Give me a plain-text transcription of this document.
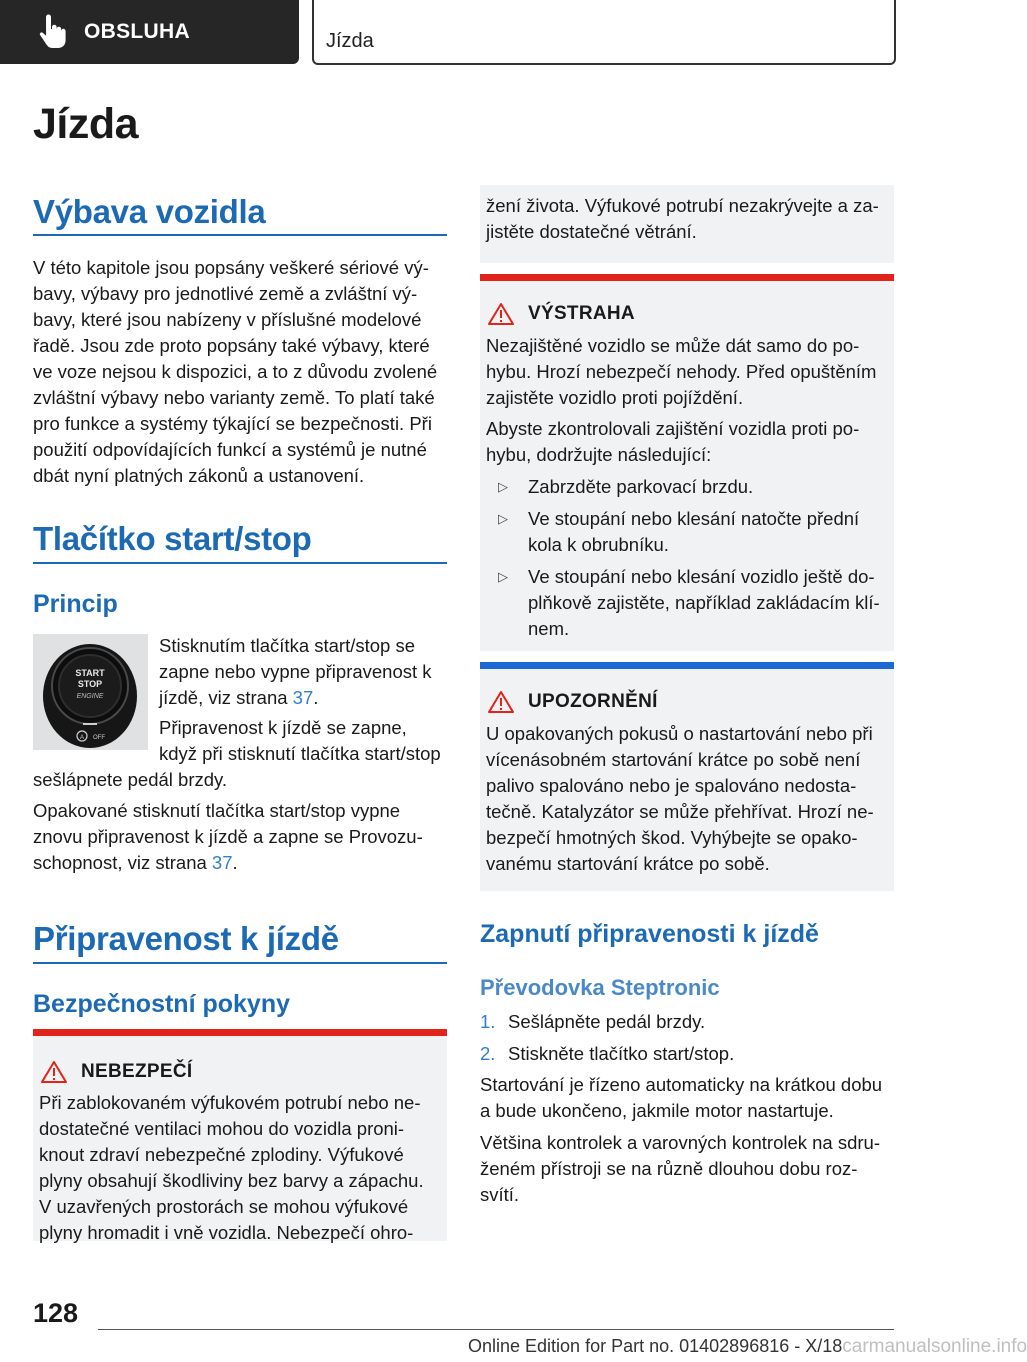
OBSLUHA	Jízda
Jízda
Výbava vozidla
V této kapitole jsou popsány veškeré sériové vý-
bavy, výbavy pro jednotlivé země a zvláštní vý-
bavy, které jsou nabízeny v příslušné modelové
řadě. Jsou zde proto popsány také výbavy, které
ve voze nejsou k dispozici, a to z důvodu zvolené
zvláštní výbavy nebo varianty země. To platí také
pro funkce a systémy týkající se bezpečnosti. Při
použití odpovídajících funkcí a systémů je nutné
dbát nyní platných zákonů a ustanovení.
Tlačítko start/stop
Princip
START
STOP
ENGINE
A OFF
Stisknutím tlačítka start/stop se
zapne nebo vypne připravenost k
jízdě, viz strana 37.
Připravenost k jízdě se zapne,
když při stisknutí tlačítka start/stop
sešlápnete pedál brzdy.
Opakované stisknutí tlačítka start/stop vypne
znovu připravenost k jízdě a zapne se Provozu-
schopnost, viz strana 37.
Připravenost k jízdě
Bezpečnostní pokyny
NEBEZPEČÍ
Při zablokovaném výfukovém potrubí nebo ne-
dostatečné ventilaci mohou do vozidla proni-
knout zdraví nebezpečné zplodiny. Výfukové
plyny obsahují škodliviny bez barvy a zápachu.
V uzavřených prostorách se mohou výfukové
plyny hromadit i vně vozidla. Nebezpečí ohro-
žení života. Výfukové potrubí nezakrývejte a za-
jistěte dostatečné větrání.
VÝSTRAHA
Nezajištěné vozidlo se může dát samo do po-
hybu. Hrozí nebezpečí nehody. Před opuštěním
zajistěte vozidlo proti pojíždění.
Abyste zkontrolovali zajištění vozidla proti po-
hybu, dodržujte následující:
▷ Zabrzděte parkovací brzdu.
▷ Ve stoupání nebo klesání natočte přední
kola k obrubníku.
▷ Ve stoupání nebo klesání vozidlo ještě do-
plňkově zajistěte, například zakládacím klí-
nem.
UPOZORNĚNÍ
U opakovaných pokusů o nastartování nebo při
vícenásobném startování krátce po sobě není
palivo spalováno nebo je spalováno nedosta-
tečně. Katalyzátor se může přehřívat. Hrozí ne-
bezpečí hmotných škod. Vyhýbejte se opako-
vanému startování krátce po sobě.
Zapnutí připravenosti k jízdě
Převodovka Steptronic
1. Sešlápněte pedál brzdy.
2. Stiskněte tlačítko start/stop.
Startování je řízeno automaticky na krátkou dobu
a bude ukončeno, jakmile motor nastartuje.
Většina kontrolek a varovných kontrolek na sdru-
ženém přístroji se na různě dlouhou dobu roz-
svítí.
128
Online Edition for Part no. 01402896816 - X/18carmanualsonline.info
